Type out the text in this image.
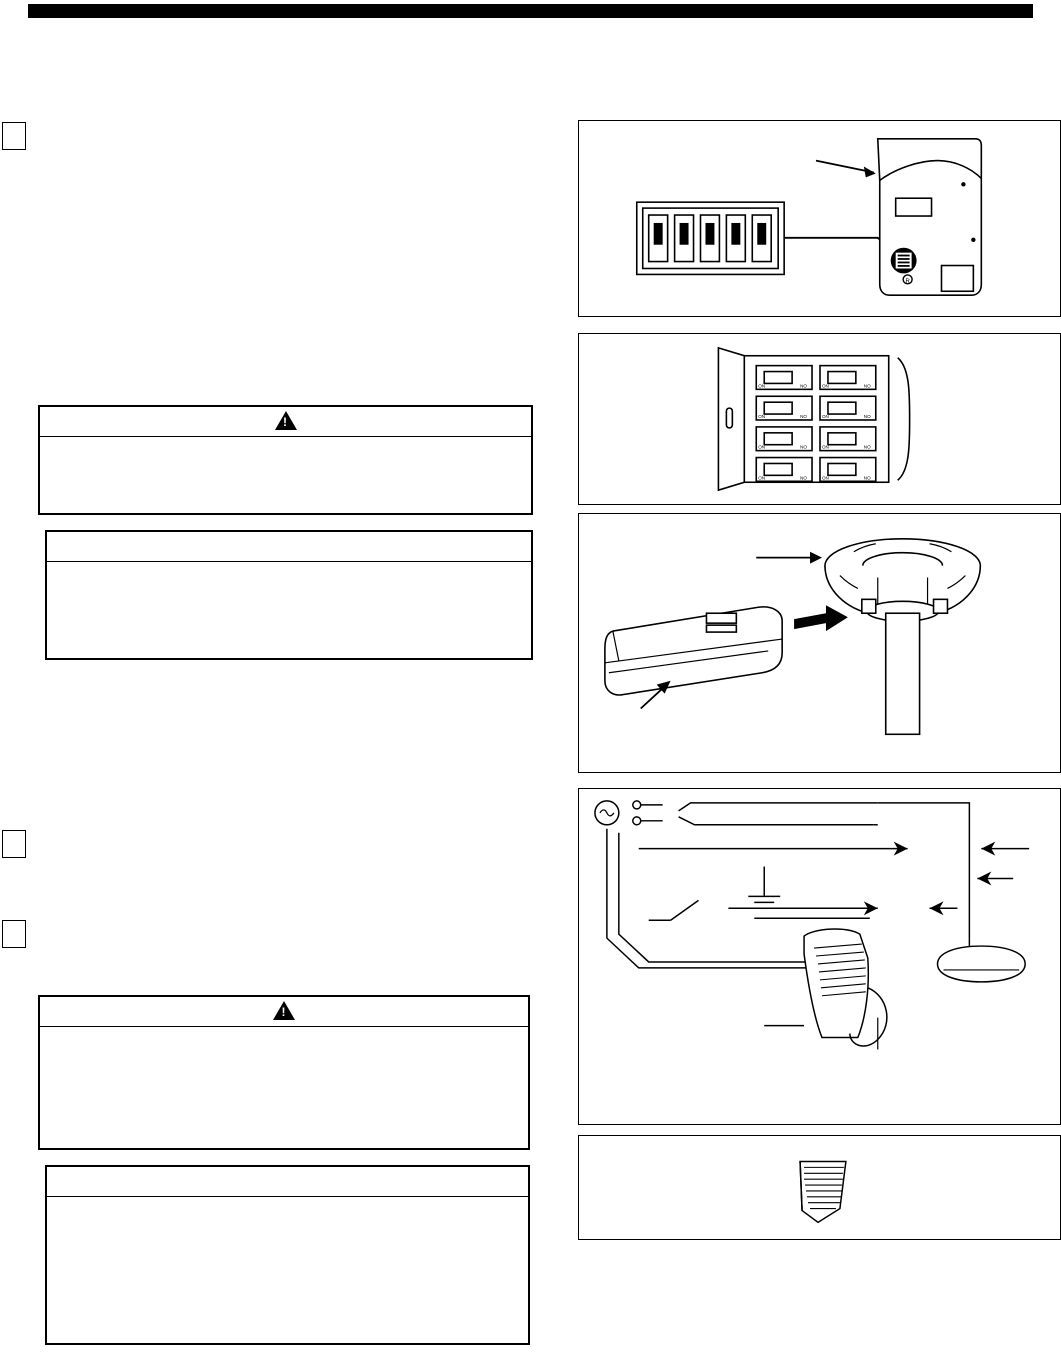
!
!
R
ON	NO	ON	NO
ON	NO	ON	NO
ON	NO	ON	NO
ON	NO	ON	NO
